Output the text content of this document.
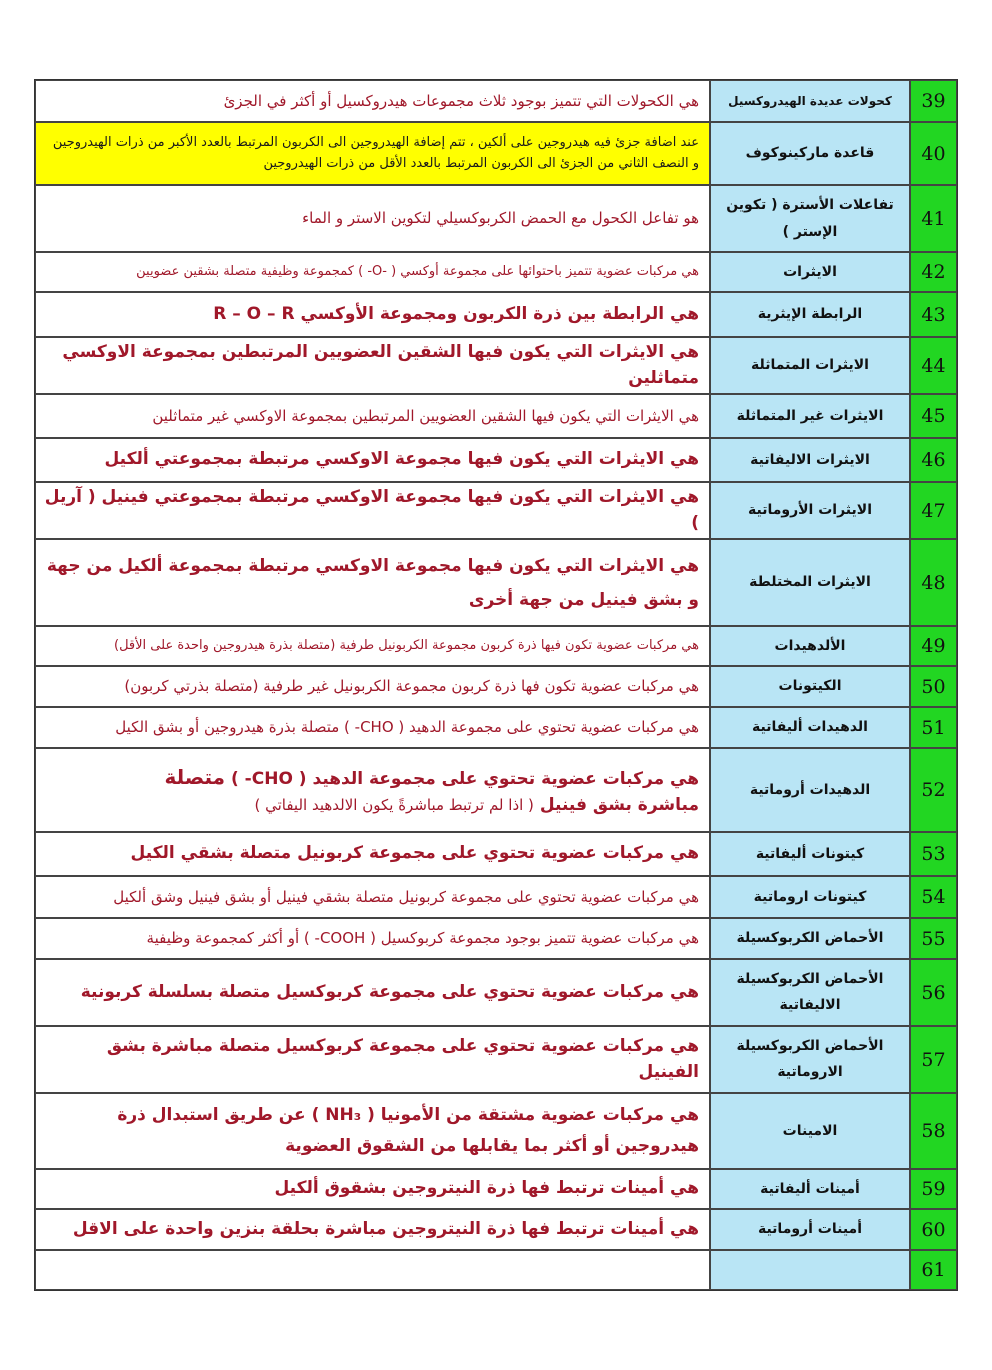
هي الكحولات التي تتميز بوجود ثلاث مجموعات هيدروكسيل أو أكثر في الجزئ	كحولات عديدة الهيدروكسيل	39
عند اضافة جزئ فيه هيدروجين على ألكين ، تتم إضافة الهيدروجين الى الكربون المرتبط بالعدد الأكبر من ذرات الهيدروجين و النصف الثاني من الجزئ الى الكربون المرتبط بالعدد الأقل من ذرات الهيدروجين	قاعدة ماركينوكوف	40
هو تفاعل الكحول مع الحمض الكربوكسيلي لتكوين الاستر و الماء	تفاعلات الأسترة ( تكوين الإستر )	41
هي مركبات عضوية تتميز باحتوائها على مجموعة أوكسي ( -O- ) كمجموعة وظيفية متصلة بشقين عضويين	الايثرات	42
هي الرابطة بين ذرة الكربون ومجموعة الأوكسي R – O – R	الرابطة الإيثرية	43
هي الايثرات التي يكون فيها الشقين العضويين المرتبطين بمجموعة الاوكسي متماثلين	الايثرات المتماثلة	44
هي الايثرات التي يكون فيها الشقين العضويين المرتبطين بمجموعة الاوكسي غير متماثلين	الايثرات غير المتماثلة	45
هي الايثرات التي يكون فيها مجموعة الاوكسي مرتبطة بمجموعتي ألكيل	الايثرات الاليفاتية	46
هي الايثرات التي يكون فيها مجموعة الاوكسي مرتبطة بمجموعتي فينيل ( آريل )	الايثرات الأروماتية	47
هي الايثرات التي يكون فيها مجموعة الاوكسي مرتبطة بمجموعة ألكيل من جهة و بشق فينيل من جهة أخرى	الايثرات المختلطة	48
هي مركبات عضوية تكون فيها ذرة كربون مجموعة الكربونيل طرفية (متصلة بذرة هيدروجين واحدة على الأقل)	الألدهيدات	49
هي مركبات عضوية تكون فها ذرة كربون مجموعة الكربونيل غير طرفية (متصلة بذرتي كربون)	الكيتونات	50
هي مركبات عضوية تحتوي على مجموعة الدهيد ( CHO- ) متصلة بذرة هيدروجين أو بشق الكيل	الدهيدات أليفاتية	51
هي مركبات عضوية تحتوي على مجموعة الدهيد ( CHO- ) متصلة مباشرة بشق فينيل ( اذا لم ترتبط مباشرةً يكون الالدهيد اليفاتي )	الدهيدات أروماتية	52
هي مركبات عضوية تحتوي على مجموعة كربونيل متصلة بشقي الكيل	كيتونات أليفاتية	53
هي مركبات عضوية تحتوي على مجموعة كربونيل متصلة بشقي فينيل أو بشق فينيل وشق ألكيل	كيتونات اروماتية	54
هي مركبات عضوية تتميز بوجود مجموعة كربوكسيل ( COOH- ) أو أكثر كمجموعة وظيفية	الأحماض الكربوكسيلة	55
هي مركبات عضوية تحتوي على مجموعة كربوكسيل متصلة بسلسلة كربونية	الأحماض الكربوكسيلة الاليفاتية	56
هي مركبات عضوية تحتوي على مجموعة كربوكسيل متصلة مباشرة بشق الفينيل	الأحماض الكربوكسيلة الاروماتية	57
هي مركبات عضوية مشتقة من الأمونيا ( NH₃ ) عن طريق استبدال ذرة هيدروجين أو أكثر بما يقابلها من الشقوق العضوية	الامينات	58
هي أمينات ترتبط فها ذرة النيتروجين بشقوق ألكيل	أمينات أليفاتية	59
هي أمينات ترتبط فها ذرة النيتروجين مباشرة بحلقة بنزين واحدة على الاقل	أمينات أروماتية	60
		61
